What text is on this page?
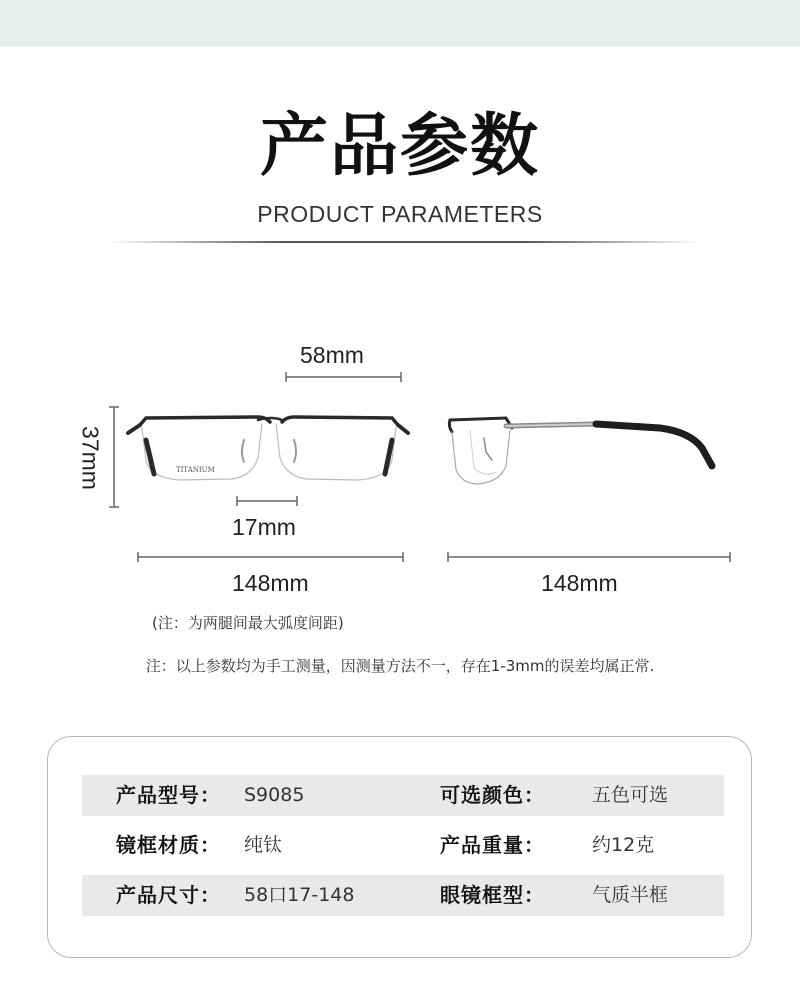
产品参数
PRODUCT PARAMETERS
TITANIUM
58mm
37mm
17mm
148mm	148mm
(注：为两腿间最大弧度间距)
注：以上参数均为手工测量，因测量方法不一，存在1-3mm的误差均属正常.
产品型号： S9085	可选颜色： 五色可选
镜框材质： 纯钛	产品重量： 约12克
产品尺寸： 58口17-148	眼镜框型： 气质半框
